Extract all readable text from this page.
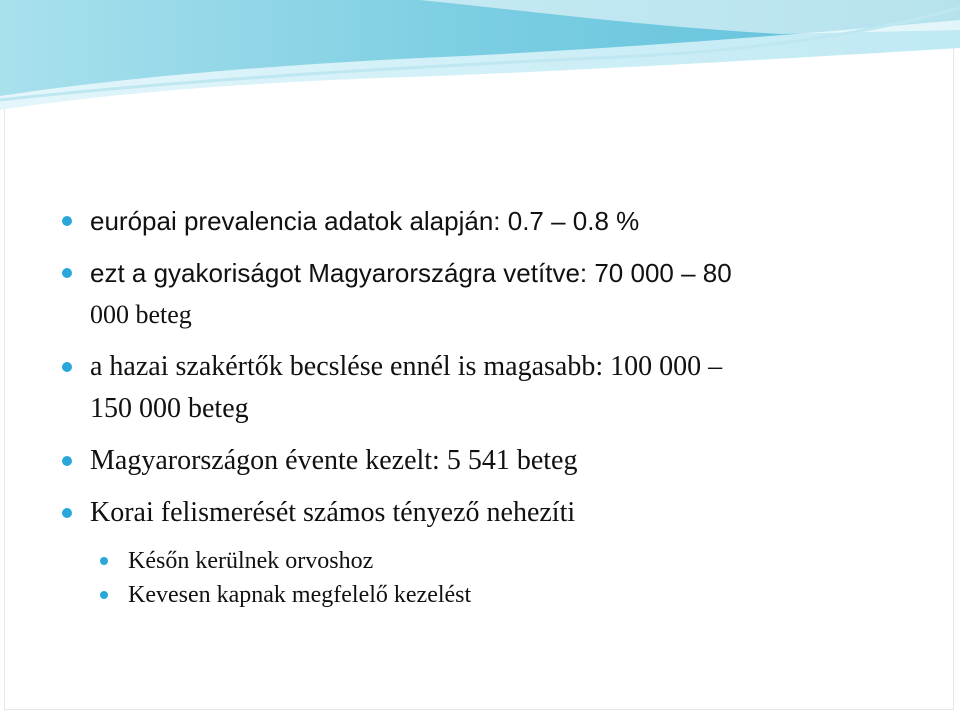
európai prevalencia adatok alapján: 0.7 – 0.8 %
ezt a gyakoriságot Magyarországra vetítve: 70 000 – 80
000 beteg
a hazai szakértők becslése ennél is magasabb: 100 000 –
150 000 beteg
Magyarországon évente kezelt: 5 541 beteg
Korai felismerését számos tényező nehezíti
Későn kerülnek orvoshoz
Kevesen kapnak megfelelő kezelést
